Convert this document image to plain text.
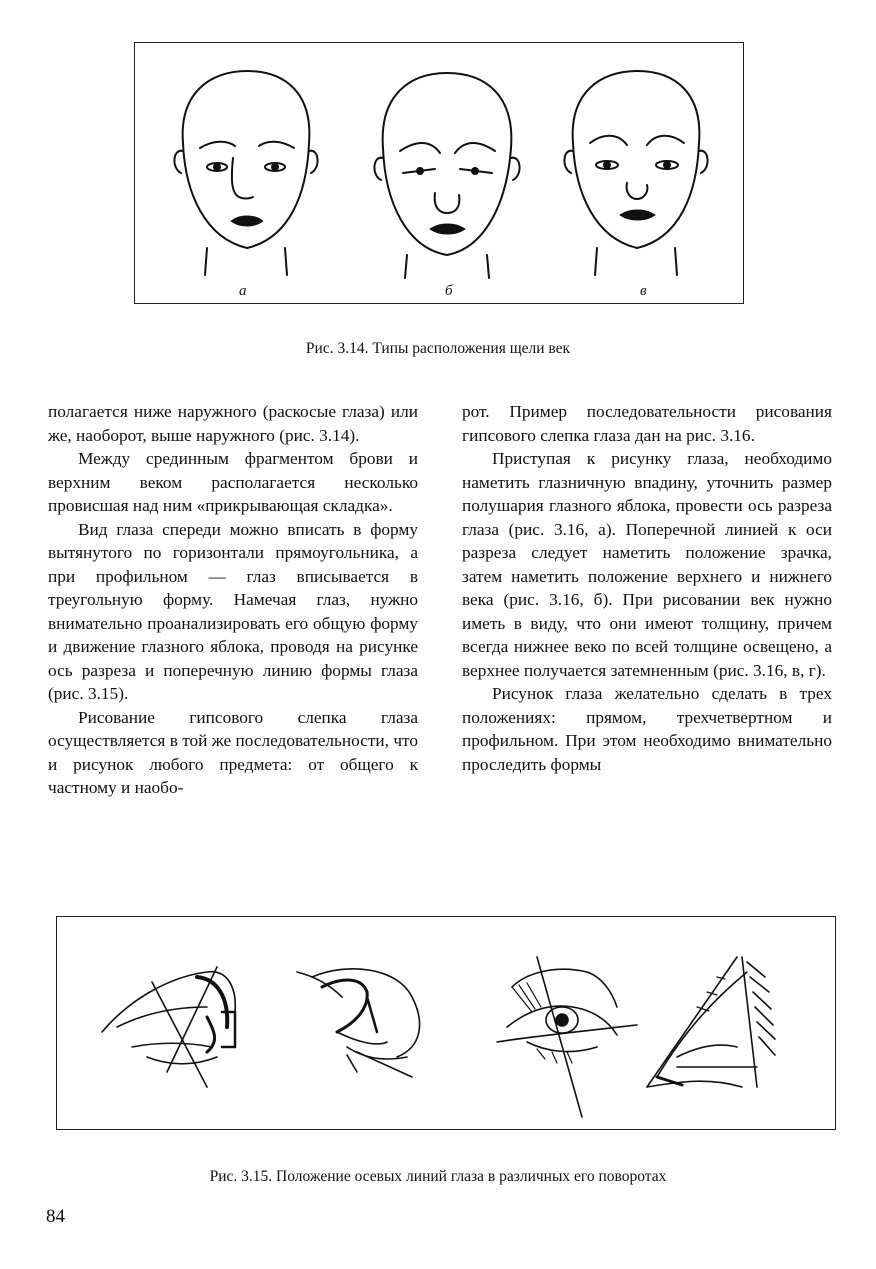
а	б	в
Рис. 3.14. Типы расположения щели век

полагается ниже наружного (раскосые глаза) или же, наоборот, выше наружного (рис. 3.14).

Между срединным фрагментом брови и верхним веком располагается несколько провисшая над ним «прикрывающая складка».

Вид глаза спереди можно вписать в форму вытянутого по горизонтали прямоугольника, а при профильном — глаз вписывается в треугольную форму. Намечая глаз, нужно внимательно проанализировать его общую форму и движение глазного яблока, проводя на рисунке ось разреза и поперечную линию формы глаза (рис. 3.15).

Рисование гипсового слепка глаза осуществляется в той же последовательности, что и рисунок любого предмета: от общего к частному и наобо-

рот. Пример последовательности рисования гипсового слепка глаза дан на рис. 3.16.

Приступая к рисунку глаза, необходимо наметить глазничную впадину, уточнить размер полушария глазного яблока, провести ось разреза глаза (рис. 3.16, а). Поперечной линией к оси разреза следует наметить положение зрачка, затем наметить положение верхнего и нижнего века (рис. 3.16, б). При рисовании век нужно иметь в виду, что они имеют толщину, причем всегда нижнее веко по всей толщине освещено, а верхнее получается затемненным (рис. 3.16, в, г).

Рисунок глаза желательно сделать в трех положениях: прямом, трехчетвертном и профильном. При этом необходимо внимательно проследить формы

Рис. 3.15. Положение осевых линий глаза в различных его поворотах
84
